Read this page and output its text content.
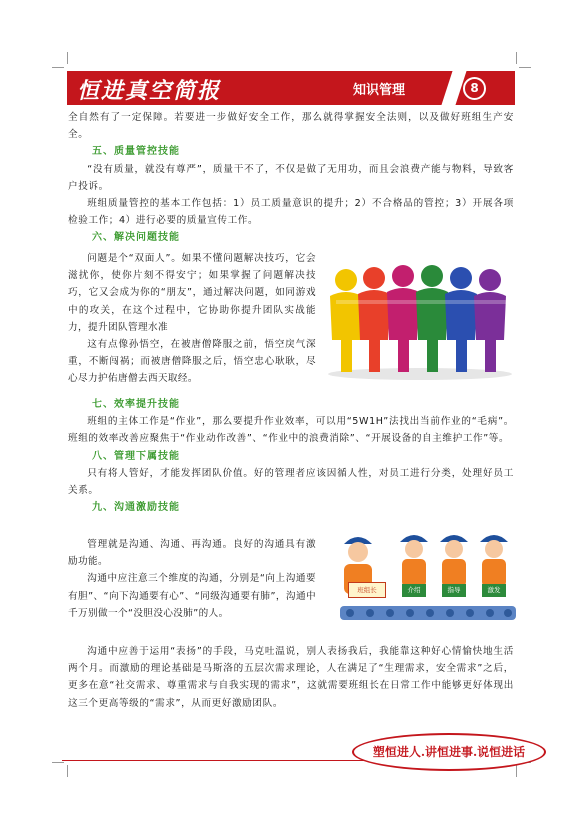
恒进真空简报	知识管理	8

全自然有了一定保障。若要进一步做好安全工作，那么就得掌握安全法则，以及做好班组生产安全。

五、质量管控技能

“没有质量，就没有尊严”，质量干不了，不仅是做了无用功，而且会浪费产能与物料，导致客户投诉。

班组质量管控的基本工作包括：1）员工质量意识的提升；2）不合格品的管控；3）开展各项检验工作；4）进行必要的质量宣传工作。

六、解决问题技能

问题是个“双面人”。如果不懂问题解决技巧，它会滋扰你，使你片刻不得安宁；如果掌握了问题解决技巧，它又会成为你的“朋友”，通过解决问题，如同游戏中的攻关，在这个过程中，它协助你提升团队实战能力，提升团队管理水准

这有点像孙悟空，在被唐僧降服之前，悟空戾气深重，不断闯祸；而被唐僧降服之后，悟空忠心耿耿，尽心尽力护佑唐僧去西天取经。

七、效率提升技能

班组的主体工作是“作业”，那么要提升作业效率，可以用“5W1H”法找出当前作业的“毛病”。班组的效率改善应聚焦于“作业动作改善”、“作业中的浪费消除”、“开展设备的自主维护工作”等。

八、管理下属技能

只有将人管好，才能发挥团队价值。好的管理者应该因循人性，对员工进行分类，处理好员工关系。

九、沟通激励技能

管理就是沟通、沟通、再沟通。良好的沟通具有激励功能。

沟通中应注意三个维度的沟通，分别是“向上沟通要有胆”、“向下沟通要有心”、“同级沟通要有肺”，沟通中千万别做一个“没胆没心没肺”的人。

班组长	介绍	指导	激发

沟通中应善于运用“表扬”的手段，马克吐温说，别人表扬我后，我能靠这种好心情愉快地生活两个月。而激励的理论基础是马斯洛的五层次需求理论，人在满足了“生理需求，安全需求”之后，更多在意“社交需求、尊重需求与自我实现的需求”，这就需要班组长在日常工作中能够更好体现出这三个更高等级的“需求”，从而更好激励团队。

塑恒进人.讲恒进事.说恒进话
